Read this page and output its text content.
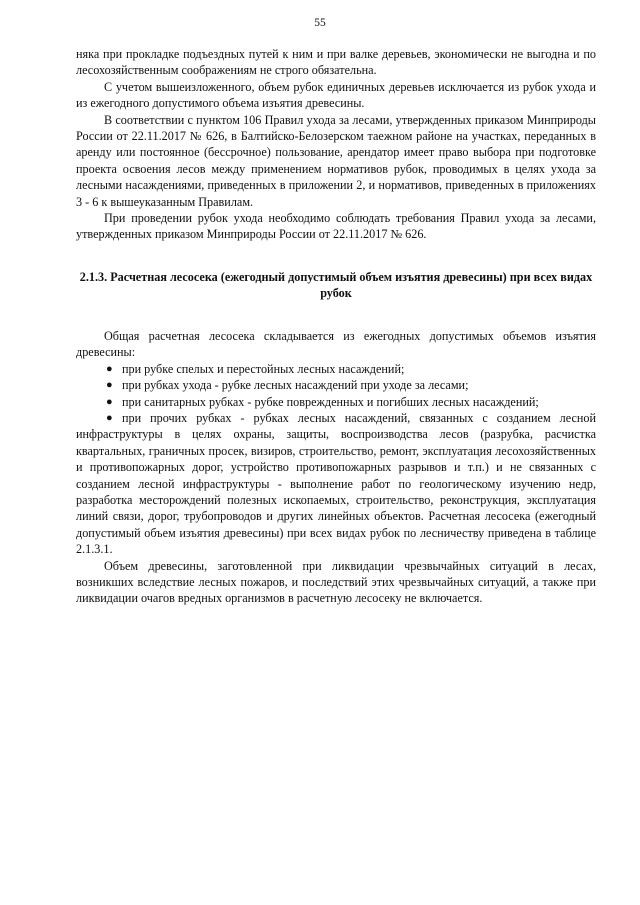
55

няка при прокладке подъездных путей к ним и при валке деревьев, экономически не выгодна и по лесохозяйственным соображениям не строго обязательна.

С учетом вышеизложенного, объем рубок единичных деревьев исключается из рубок ухода и из ежегодного допустимого объема изъятия древесины.

В соответствии с пунктом 106 Правил ухода за лесами, утвержденных приказом Минприроды России от 22.11.2017 № 626, в Балтийско-Белозерском таежном районе на участках, переданных в аренду или постоянное (бессрочное) пользование, арендатор имеет право выбора при подготовке проекта освоения лесов между применением нормативов рубок, проводимых в целях ухода за лесными насаждениями, приведенных в приложении 2, и нормативов, приведенных в приложениях 3 - 6 к вышеуказанным Правилам.

При проведении рубок ухода необходимо соблюдать требования Правил ухода за лесами, утвержденных приказом Минприроды России от 22.11.2017 № 626.

2.1.3. Расчетная лесосека (ежегодный допустимый объем изъятия древесины) при всех видах рубок

Общая расчетная лесосека складывается из ежегодных допустимых объемов изъятия древесины:

● при рубке спелых и перестойных лесных насаждений;
● при рубках ухода - рубке лесных насаждений при уходе за лесами;
● при санитарных рубках - рубке поврежденных и погибших лесных насаждений;
● при прочих рубках - рубках лесных насаждений, связанных с созданием лесной инфраструктуры в целях охраны, защиты, воспроизводства лесов (разрубка, расчистка квартальных, граничных просек, визиров, строительство, ремонт, эксплуатация лесохозяйственных и противопожарных дорог, устройство противопожарных разрывов и т.п.) и не связанных с созданием лесной инфраструктуры - выполнение работ по геологическому изучению недр, разработка месторождений полезных ископаемых, строительство, реконструкция, эксплуатация линий связи, дорог, трубопроводов и других линейных объектов. Расчетная лесосека (ежегодный допустимый объем изъятия древесины) при всех видах рубок по лесничеству приведена в таблице 2.1.3.1.

Объем древесины, заготовленной при ликвидации чрезвычайных ситуаций в лесах, возникших вследствие лесных пожаров, и последствий этих чрезвычайных ситуаций, а также при ликвидации очагов вредных организмов в расчетную лесосеку не включается.
